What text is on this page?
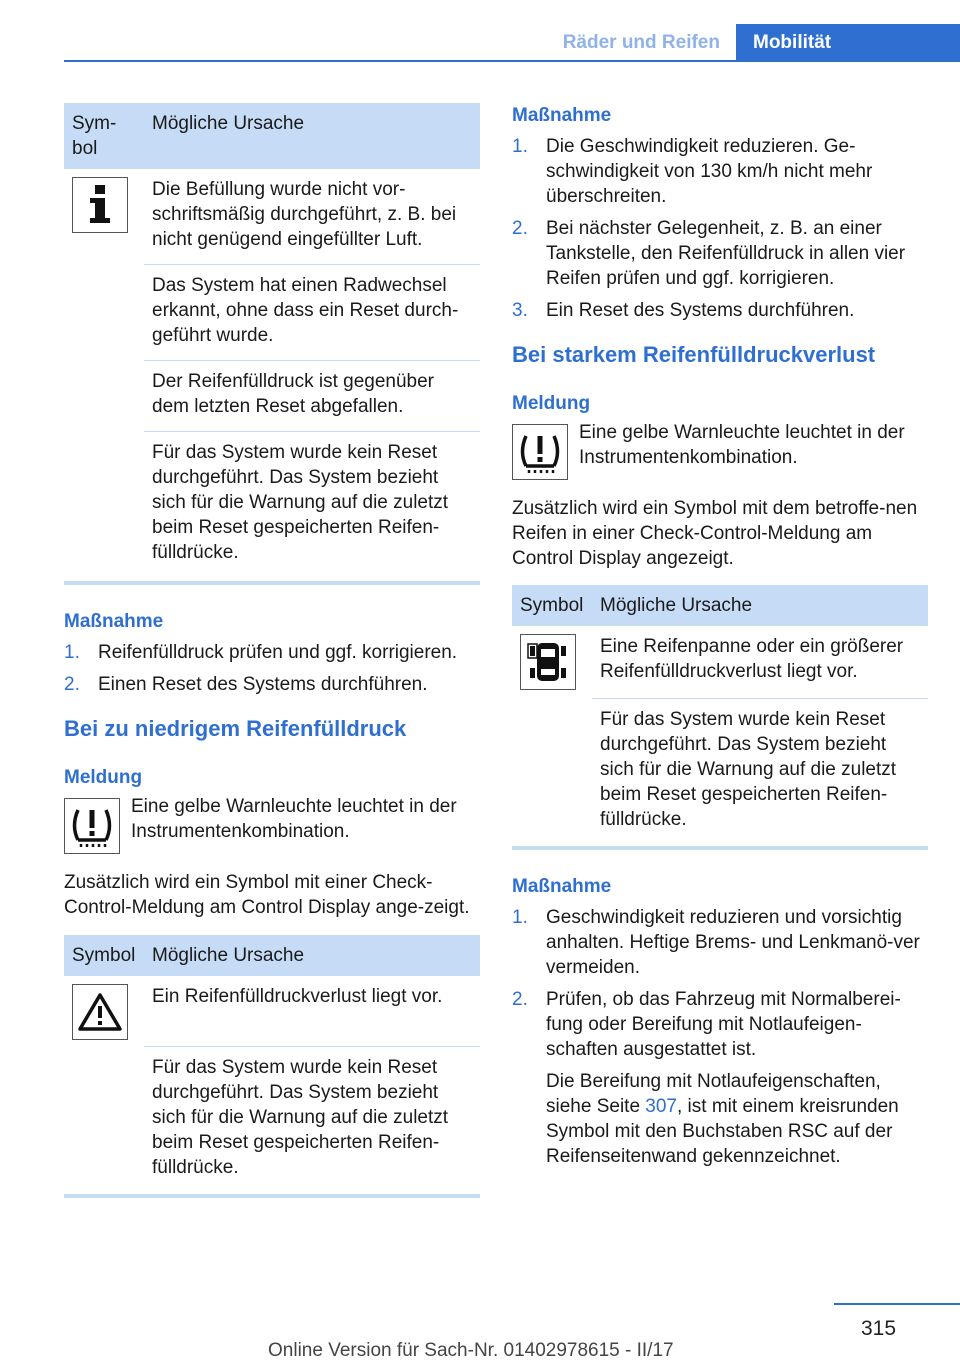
Räder und Reifen	Mobilität
Sym-
bol	Mögliche Ursache

	Die Befüllung wurde nicht vor-schriftsmäßig durchgeführt, z. B. bei nicht genügend eingefüllter Luft.
	Das System hat einen Radwechsel erkannt, ohne dass ein Reset durch-geführt wurde.
	Der Reifenfülldruck ist gegenüber dem letzten Reset abgefallen.
	Für das System wurde kein Reset durchgeführt. Das System bezieht sich für die Warnung auf die zuletzt beim Reset gespeicherten Reifen-fülldrücke.
Maßnahme
1. Reifenfülldruck prüfen und ggf. korrigieren.
2. Einen Reset des Systems durchführen.
Bei zu niedrigem Reifenfülldruck
Meldung
Eine gelbe Warnleuchte leuchtet in der Instrumentenkombination.
Zusätzlich wird ein Symbol mit einer Check-Control-Meldung am Control Display ange-zeigt.
Symbol	Mögliche Ursache

	Ein Reifenfülldruckverlust liegt vor.
	Für das System wurde kein Reset durchgeführt. Das System bezieht sich für die Warnung auf die zuletzt beim Reset gespeicherten Reifen-fülldrücke.
Maßnahme
1. Die Geschwindigkeit reduzieren. Ge-schwindigkeit von 130 km/h nicht mehr überschreiten.
2. Bei nächster Gelegenheit, z. B. an einer Tankstelle, den Reifenfülldruck in allen vier Reifen prüfen und ggf. korrigieren.
3. Ein Reset des Systems durchführen.
Bei starkem Reifenfülldruckverlust
Meldung
Eine gelbe Warnleuchte leuchtet in der Instrumentenkombination.
Zusätzlich wird ein Symbol mit dem betroffe-nen Reifen in einer Check-Control-Meldung am Control Display angezeigt.
Symbol	Mögliche Ursache

	Eine Reifenpanne oder ein größerer Reifenfülldruckverlust liegt vor.
	Für das System wurde kein Reset durchgeführt. Das System bezieht sich für die Warnung auf die zuletzt beim Reset gespeicherten Reifen-fülldrücke.
Maßnahme
1. Geschwindigkeit reduzieren und vorsichtig anhalten. Heftige Brems- und Lenkmanö-ver vermeiden.
2. Prüfen, ob das Fahrzeug mit Normalberei-fung oder Bereifung mit Notlaufeigen-schaften ausgestattet ist.
Die Bereifung mit Notlaufeigenschaften, siehe Seite 307, ist mit einem kreisrunden Symbol mit den Buchstaben RSC auf der Reifenseitenwand gekennzeichnet.
315
Online Version für Sach-Nr. 01402978615 - II/17
